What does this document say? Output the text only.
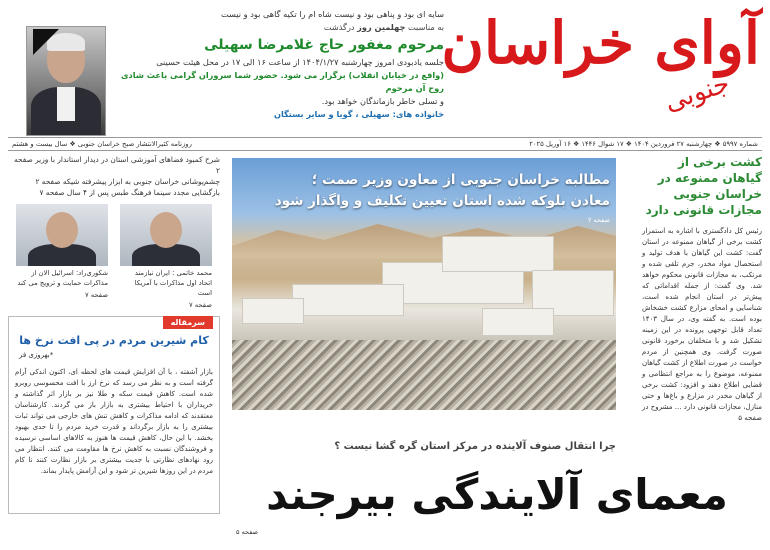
آوای خراسان
جنوبی
سایه ای بود و پناهی بود و نیست شاه ام را تکیه گاهی بود و نیست
به مناسبت چهلمین روز درگذشت
مرحوم مغفور حاج غلامرضا سهیلی
جلسه یادبودی امروز چهارشنبه ۱۴۰۴/۱/۲۷ از ساعت ۱۶ الی ۱۷ در محل هیئت حسینی
(واقع در خیابان انقلاب) برگزار می شود. حضور شما سروران گرامی باعث شادی روح آن مرحوم
و تسلی خاطر بازماندگان خواهد بود.
خانواده های: سهیلی ، گویا و سایر بستگان
شماره ۵۹۹۷ ❖ چهارشنبه ۲۷ فروردین ۱۴۰۴ ❖ ۱۷ شوال ۱۴۴۶ ❖ ۱۶ آوریل ۲۰۲۵
روزنامه کثیرالانتشار صبح خراسان جنوبی ❖ سال بیست و هشتم
کشت برخی از گیاهان ممنوعه در خراسان جنوبی مجازات قانونی دارد
رئیس کل دادگستری با اشاره به استمرار کشت برخی از گیاهان ممنوعه در استان گفت: کشت این گیاهان با هدف تولید و استحصال مواد مخدر، جرم تلقی شده و مرتکب، به مجازات قانونی محکوم خواهد شد. وی گفت: از جمله اقداماتی که پیش‌تر در استان انجام شده است، شناسایی و امحای مزارع کشت خشخاش بوده است. به گفته وی، در سال ۱۴۰۳ تعداد قابل توجهی پرونده در این زمینه تشکیل شد و با متخلفان برخورد قانونی صورت گرفت. وی همچنین از مردم خواست در صورت اطلاع از کشت گیاهان ممنوعه، موضوع را به مراجع انتظامی و قضایی اطلاع دهند و افزود: کشت برخی از گیاهان مخدر در مزارع و باغ‌ها و حتی منازل، مجازات قانونی دارد ... مشروح در صفحه ۵
مطالبه خراسان جنوبی از معاون وزیر صمت ؛
معادن بلوکه شده استان تعیین تکلیف و واگذار شود
صفحه ۲
شرح کمبود فضاهای آموزشی استان در دیدار استاندار با وزیر صفحه ۲
چشم‌پوشانی خراسان جنوبی به ابزار پیشرفته شیکه صفحه ۲
بازگشایی مجدد سینما فرهنگ طبس پس از ۴ سال صفحه ۷
محمد خاتمی : ایران نیازمند اتحاد اول مذاکرات با آمریکا است
صفحه ۷
شکوری‌راد: اسرائیل الان از مذاکرات حمایت و ترویج می کند
صفحه ۷
سرمقاله
کام شیرین مردم در پی افت نرخ ها
*بهروزی فر
بازار آشفته ، با آن افزایش قیمت های لحظه ای، اکنون اندکی آرام گرفته است و به نظر می رسد که نرخ ارز با افت محسوسی روبرو شده است. کاهش قیمت سکه و طلا نیز بر بازار اثر گذاشته و خریداران با احتیاط بیشتری به بازار باز می گردند. کارشناسان معتقدند که ادامه مذاکرات و کاهش تنش های خارجی می تواند ثبات بیشتری را به بازار برگرداند و قدرت خرید مردم را تا حدی بهبود بخشد. با این حال، کاهش قیمت ها هنوز به کالاهای اساسی نرسیده و فروشندگان نسبت به کاهش نرخ ها مقاومت می کنند. انتظار می رود نهادهای نظارتی با جدیت بیشتری بر بازار نظارت کنند تا کام مردم در این روزها شیرین تر شود و این آرامش پایدار بماند.
چرا انتقال صنوف آلاینده در مرکز استان گره گشا نیست ؟
معمای آلایندگی بیرجند
صفحه ۵
